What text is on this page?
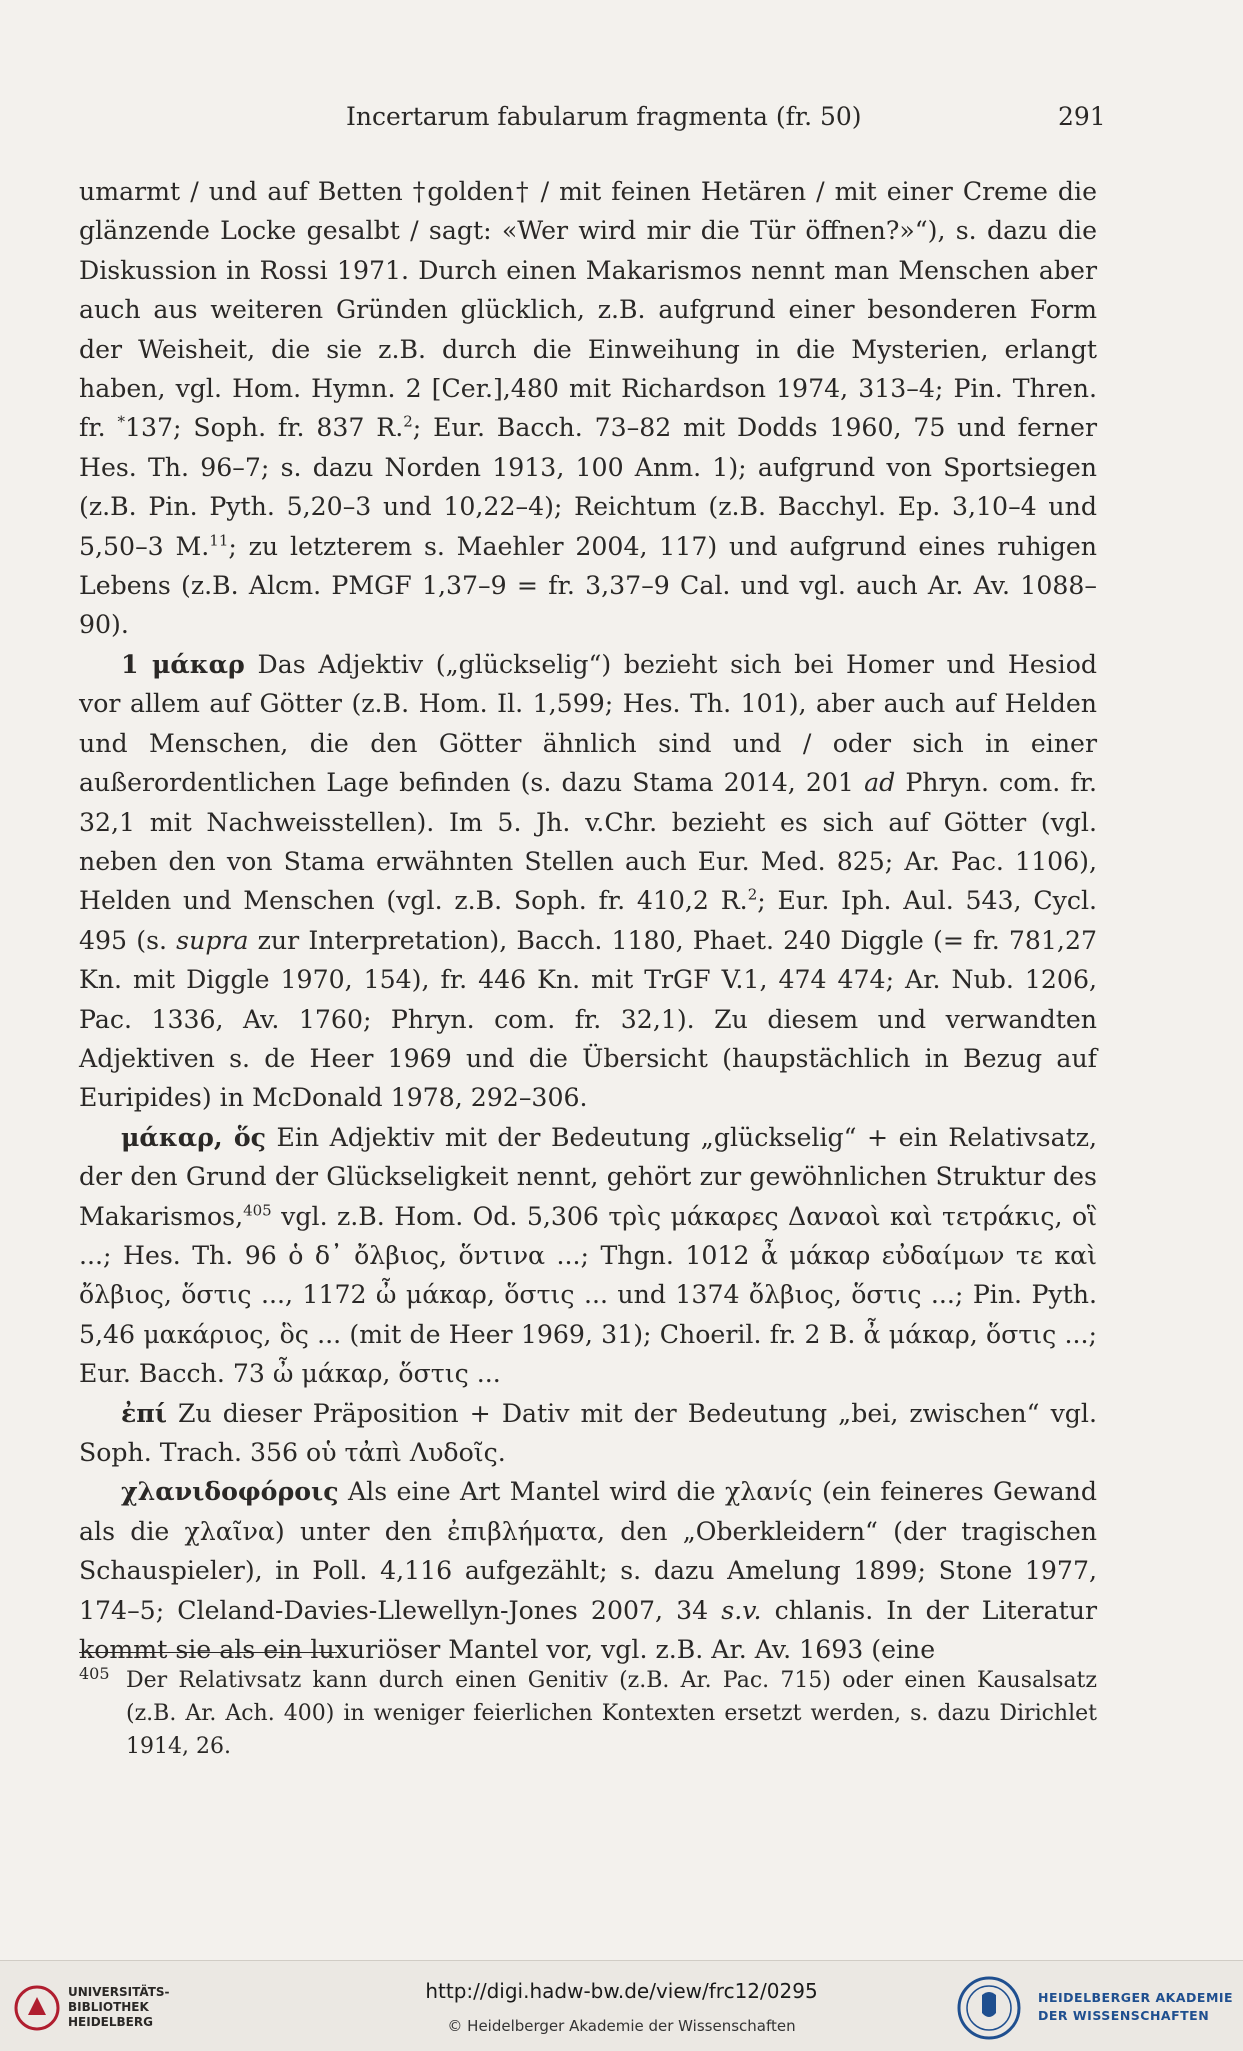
Incertarum fabularum fragmenta (fr. 50)	291

umarmt / und auf Betten †golden† / mit feinen Hetären / mit einer Creme die glänzende Locke gesalbt / sagt: «Wer wird mir die Tür öffnen?»“), s. dazu die Diskussion in Rossi 1971. Durch einen Makarismos nennt man Menschen aber auch aus weiteren Gründen glücklich, z.B. aufgrund einer besonderen Form der Weisheit, die sie z.B. durch die Einweihung in die Mysterien, erlangt haben, vgl. Hom. Hymn. 2 [Cer.],480 mit Richardson 1974, 313–4; Pin. Thren. fr. *137; Soph. fr. 837 R.$^2$; Eur. Bacch. 73–82 mit Dodds 1960, 75 und ferner Hes. Th. 96–7; s. dazu Norden 1913, 100 Anm. 1); aufgrund von Sportsiegen (z.B. Pin. Pyth. 5,20–3 und 10,22–4); Reichtum (z.B. Bacchyl. Ep. 3,10–4 und 5,50–3 M.$^{11}$; zu letzterem s. Maehler 2004, 117) und aufgrund eines ruhigen Lebens (z.B. Alcm. PMGF 1,37–9 = fr. 3,37–9 Cal. und vgl. auch Ar. Av. 1088–90).

1 μάκαρ Das Adjektiv („glückselig“) bezieht sich bei Homer und Hesiod vor allem auf Götter (z.B. Hom. Il. 1,599; Hes. Th. 101), aber auch auf Helden und Menschen, die den Götter ähnlich sind und / oder sich in einer außerordentlichen Lage befinden (s. dazu Stama 2014, 201 ad Phryn. com. fr. 32,1 mit Nachweisstellen). Im 5. Jh. v.Chr. bezieht es sich auf Götter (vgl. neben den von Stama erwähnten Stellen auch Eur. Med. 825; Ar. Pac. 1106), Helden und Menschen (vgl. z.B. Soph. fr. 410,2 R.$^2$; Eur. Iph. Aul. 543, Cycl. 495 (s. supra zur Interpretation), Bacch. 1180, Phaet. 240 Diggle (= fr. 781,27 Kn. mit Diggle 1970, 154), fr. 446 Kn. mit TrGF V.1, 474 474; Ar. Nub. 1206, Pac. 1336, Av. 1760; Phryn. com. fr. 32,1). Zu diesem und verwandten Adjektiven s. de Heer 1969 und die Übersicht (haupstächlich in Bezug auf Euripides) in McDonald 1978, 292–306.

μάκαρ, ὅς Ein Adjektiv mit der Bedeutung „glückselig“ + ein Relativsatz, der den Grund der Glückseligkeit nennt, gehört zur gewöhnlichen Struktur des Makarismos,$^{405}$ vgl. z.B. Hom. Od. 5,306 τρὶς μάκαρες Δαναοὶ καὶ τετράκις, οἳ ...; Hes. Th. 96 ὁ δ᾽ ὄλβιος, ὅντινα ...; Thgn. 1012 ἆ μάκαρ εὐδαίμων τε καὶ ὄλβιος, ὅστις ..., 1172 ὦ μάκαρ, ὅστις ... und 1374 ὄλβιος, ὅστις ...; Pin. Pyth. 5,46 μακάριος, ὃς ... (mit de Heer 1969, 31); Choeril. fr. 2 B. ἆ μάκαρ, ὅστις ...; Eur. Bacch. 73 ὦ μάκαρ, ὅστις ...

ἐπί Zu dieser Präposition + Dativ mit der Bedeutung „bei, zwischen“ vgl. Soph. Trach. 356 οὑ τἀπὶ Λυδοῖς.

χλανιδοφόροις Als eine Art Mantel wird die χλανίς (ein feineres Gewand als die χλαῖνα) unter den ἐπιβλήματα, den „Oberkleidern“ (der tragischen Schauspieler), in Poll. 4,116 aufgezählt; s. dazu Amelung 1899; Stone 1977, 174–5; Cleland-Davies-Llewellyn-Jones 2007, 34 s.v. chlanis. In der Literatur kommt sie als ein luxuriöser Mantel vor, vgl. z.B. Ar. Av. 1693 (eine

405 Der Relativsatz kann durch einen Genitiv (z.B. Ar. Pac. 715) oder einen Kausalsatz (z.B. Ar. Ach. 400) in weniger feierlichen Kontexten ersetzt werden, s. dazu Dirichlet 1914, 26.
UNIVERSITÄTS-
BIBLIOTHEK
HEIDELBERG
http://digi.hadw-bw.de/view/frc12/0295
© Heidelberger Akademie der Wissenschaften
HEIDELBERGER AKADEMIE
DER WISSENSCHAFTEN
